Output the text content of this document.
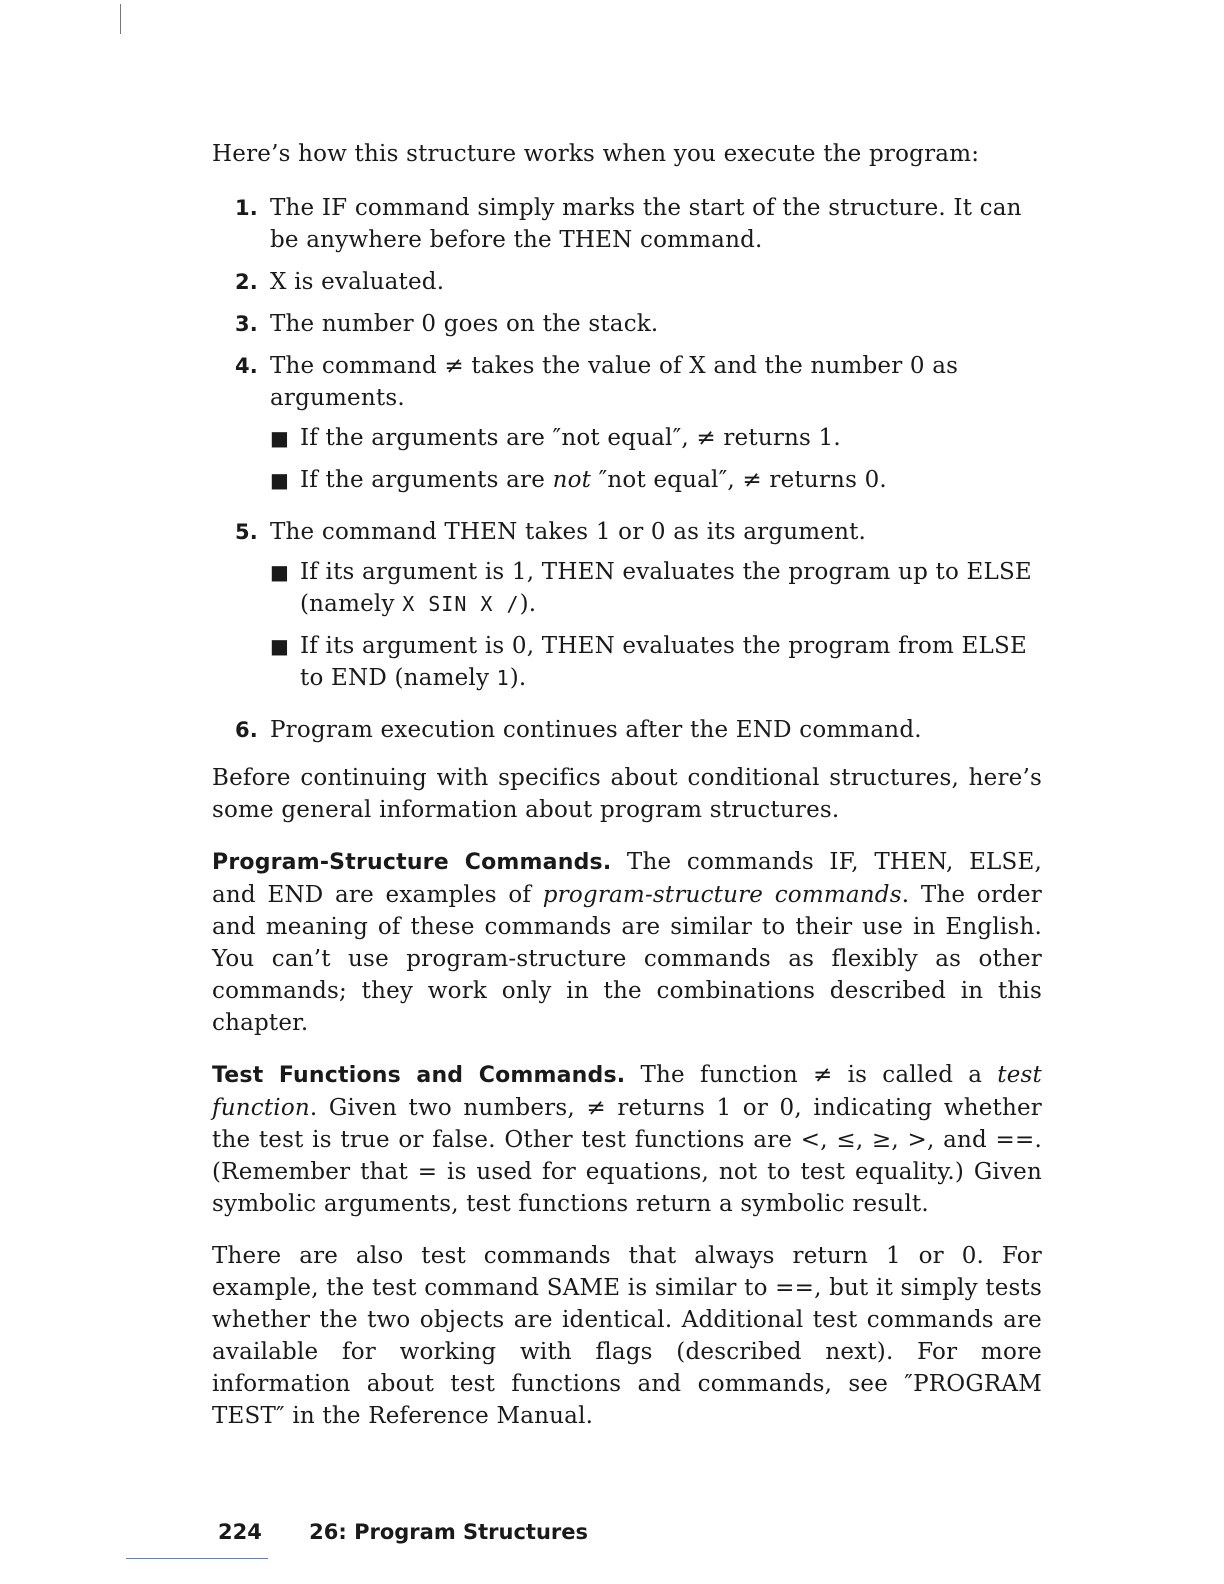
Here’s how this structure works when you execute the program:

1. The IF command simply marks the start of the structure. It can be anywhere before the THEN command.
2. X is evaluated.
3. The number 0 goes on the stack.
4. The command ≠ takes the value of X and the number 0 as arguments.
■ If the arguments are ″not equal″, ≠ returns 1.
■ If the arguments are not ″not equal″, ≠ returns 0.
5. The command THEN takes 1 or 0 as its argument.
■ If its argument is 1, THEN evaluates the program up to ELSE (namely X SIN X /).
■ If its argument is 0, THEN evaluates the program from ELSE to END (namely 1).
6. Program execution continues after the END command.

Before continuing with specifics about conditional structures, here’s some general information about program structures.

Program-Structure Commands. The commands IF, THEN, ELSE, and END are examples of program-structure commands. The order and meaning of these commands are similar to their use in English. You can’t use program-structure commands as flexibly as other commands; they work only in the combinations described in this chapter.

Test Functions and Commands. The function ≠ is called a test function. Given two numbers, ≠ returns 1 or 0, indicating whether the test is true or false. Other test functions are <, ≤, ≥, >, and ==. (Remember that = is used for equations, not to test equality.) Given symbolic arguments, test functions return a symbolic result.

There are also test commands that always return 1 or 0. For example, the test command SAME is similar to ==, but it simply tests whether the two objects are identical. Additional test commands are available for working with flags (described next). For more information about test functions and commands, see ″PROGRAM TEST″ in the Reference Manual.

224 26: Program Structures
